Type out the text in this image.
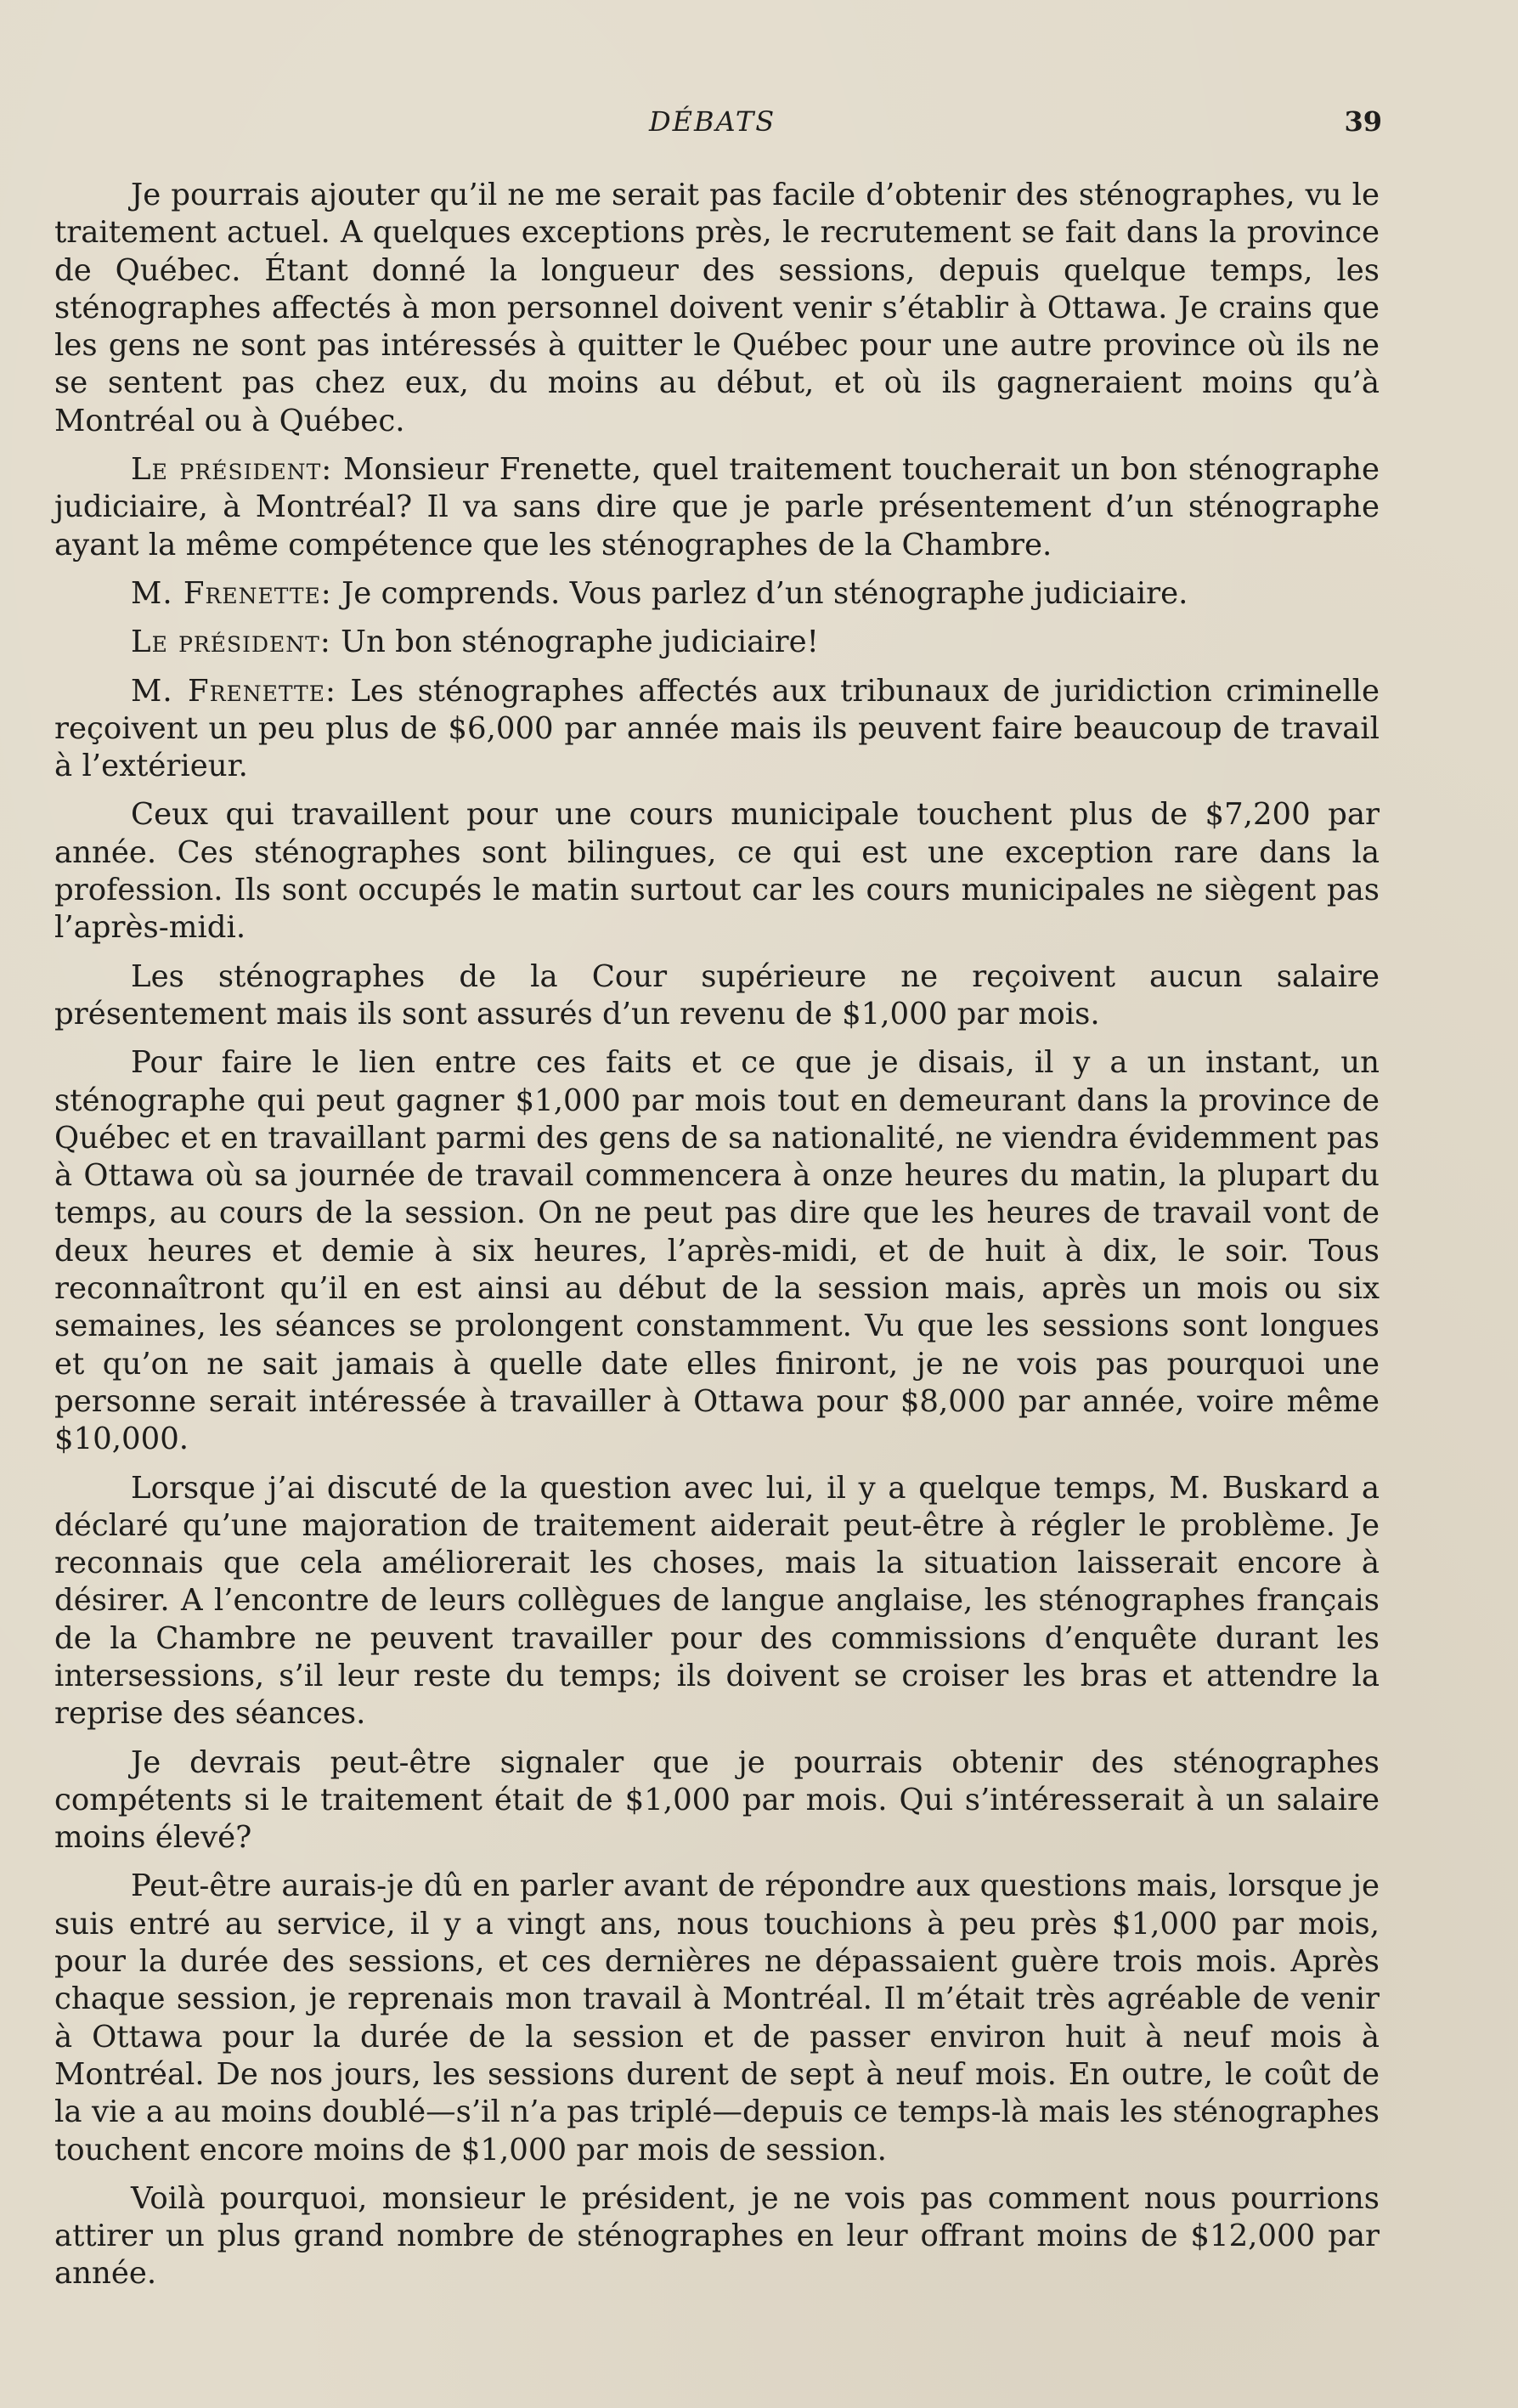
DÉBATS	39

Je pourrais ajouter qu’il ne me serait pas facile d’obtenir des sténographes, vu le traitement actuel. A quelques exceptions près, le recrutement se fait dans la province de Québec. Étant donné la longueur des sessions, depuis quelque temps, les sténographes affectés à mon personnel doivent venir s’établir à Ottawa. Je crains que les gens ne sont pas intéressés à quitter le Québec pour une autre province où ils ne se sentent pas chez eux, du moins au début, et où ils gagneraient moins qu’à Montréal ou à Québec.

Le président: Monsieur Frenette, quel traitement toucherait un bon sténographe judiciaire, à Montréal? Il va sans dire que je parle présentement d’un sténographe ayant la même compétence que les sténographes de la Chambre.

M. Frenette: Je comprends. Vous parlez d’un sténographe judiciaire.

Le président: Un bon sténographe judiciaire!

M. Frenette: Les sténographes affectés aux tribunaux de juridiction criminelle reçoivent un peu plus de $6,000 par année mais ils peuvent faire beaucoup de travail à l’extérieur.

Ceux qui travaillent pour une cours municipale touchent plus de $7,200 par année. Ces sténographes sont bilingues, ce qui est une exception rare dans la profession. Ils sont occupés le matin surtout car les cours municipales ne siègent pas l’après-midi.

Les sténographes de la Cour supérieure ne reçoivent aucun salaire présentement mais ils sont assurés d’un revenu de $1,000 par mois.

Pour faire le lien entre ces faits et ce que je disais, il y a un instant, un sténographe qui peut gagner $1,000 par mois tout en demeurant dans la province de Québec et en travaillant parmi des gens de sa nationalité, ne viendra évidemment pas à Ottawa où sa journée de travail commencera à onze heures du matin, la plupart du temps, au cours de la session. On ne peut pas dire que les heures de travail vont de deux heures et demie à six heures, l’après-midi, et de huit à dix, le soir. Tous reconnaîtront qu’il en est ainsi au début de la session mais, après un mois ou six semaines, les séances se prolongent constamment. Vu que les sessions sont longues et qu’on ne sait jamais à quelle date elles finiront, je ne vois pas pourquoi une personne serait intéressée à travailler à Ottawa pour $8,000 par année, voire même $10,000.

Lorsque j’ai discuté de la question avec lui, il y a quelque temps, M. Buskard a déclaré qu’une majoration de traitement aiderait peut-être à régler le problème. Je reconnais que cela améliorerait les choses, mais la situation laisserait encore à désirer. A l’encontre de leurs collègues de langue anglaise, les sténographes français de la Chambre ne peuvent travailler pour des commissions d’enquête durant les intersessions, s’il leur reste du temps; ils doivent se croiser les bras et attendre la reprise des séances.

Je devrais peut-être signaler que je pourrais obtenir des sténographes compétents si le traitement était de $1,000 par mois. Qui s’intéresserait à un salaire moins élevé?

Peut-être aurais-je dû en parler avant de répondre aux questions mais, lorsque je suis entré au service, il y a vingt ans, nous touchions à peu près $1,000 par mois, pour la durée des sessions, et ces dernières ne dépassaient guère trois mois. Après chaque session, je reprenais mon travail à Montréal. Il m’était très agréable de venir à Ottawa pour la durée de la session et de passer environ huit à neuf mois à Montréal. De nos jours, les sessions durent de sept à neuf mois. En outre, le coût de la vie a au moins doublé—s’il n’a pas triplé—depuis ce temps-là mais les sténographes touchent encore moins de $1,000 par mois de session.

Voilà pourquoi, monsieur le président, je ne vois pas comment nous pourrions attirer un plus grand nombre de sténographes en leur offrant moins de $12,000 par année.
